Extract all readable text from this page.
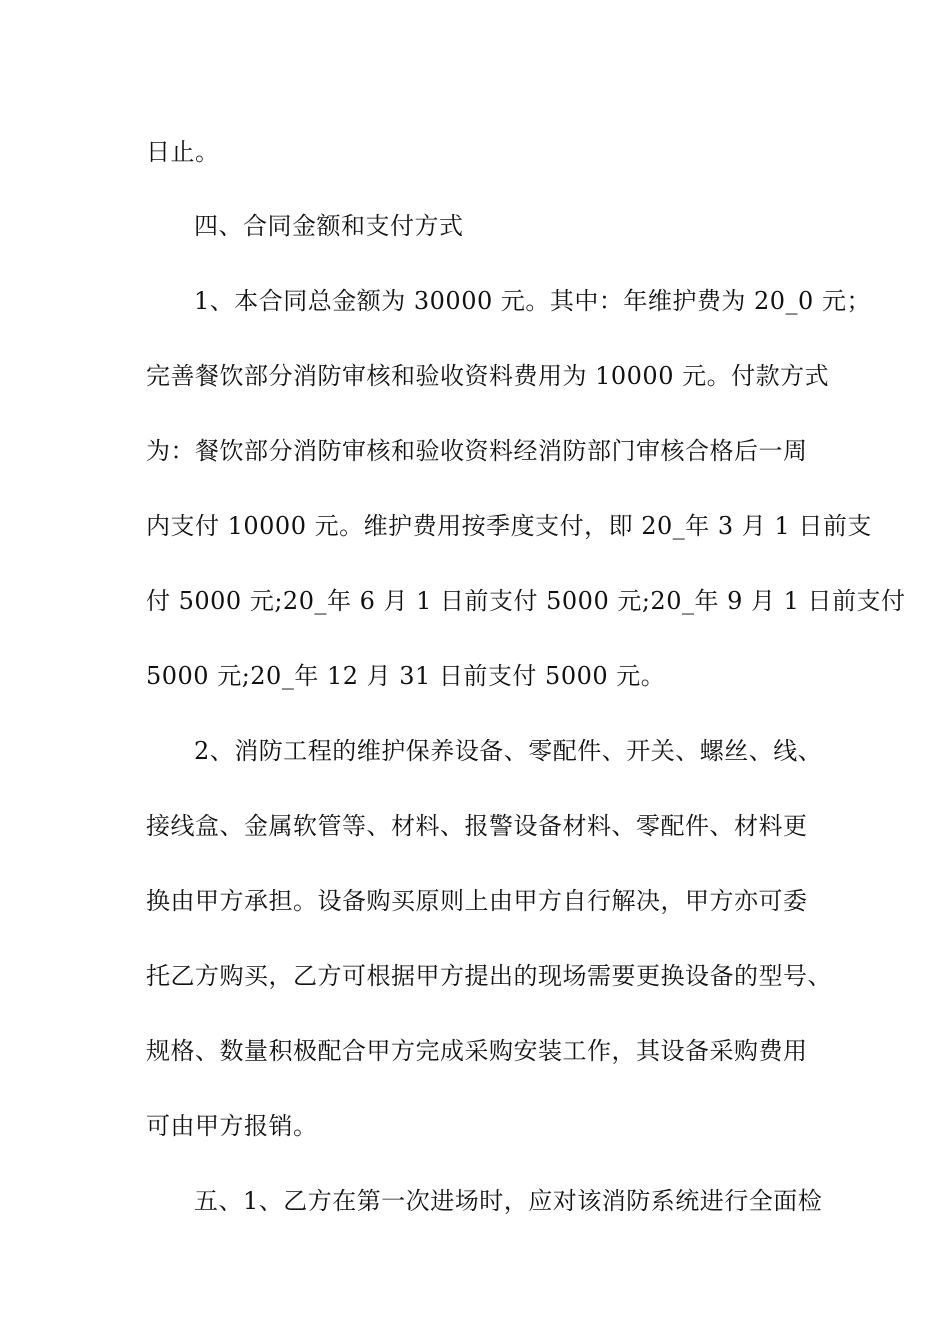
日止。
四、合同金额和支付方式
1、本合同总金额为 30000 元。其中：年维护费为 20_0 元；
完善餐饮部分消防审核和验收资料费用为 10000 元。付款方式
为：餐饮部分消防审核和验收资料经消防部门审核合格后一周
内支付 10000 元。维护费用按季度支付，即 20_年 3 月 1 日前支
付 5000 元;20_年 6 月 1 日前支付 5000 元;20_年 9 月 1 日前支付
5000 元;20_年 12 月 31 日前支付 5000 元。
2、消防工程的维护保养设备、零配件、开关、螺丝、线、
接线盒、金属软管等、材料、报警设备材料、零配件、材料更
换由甲方承担。设备购买原则上由甲方自行解决，甲方亦可委
托乙方购买，乙方可根据甲方提出的现场需要更换设备的型号、
规格、数量积极配合甲方完成采购安装工作，其设备采购费用
可由甲方报销。
五、1、乙方在第一次进场时，应对该消防系统进行全面检
